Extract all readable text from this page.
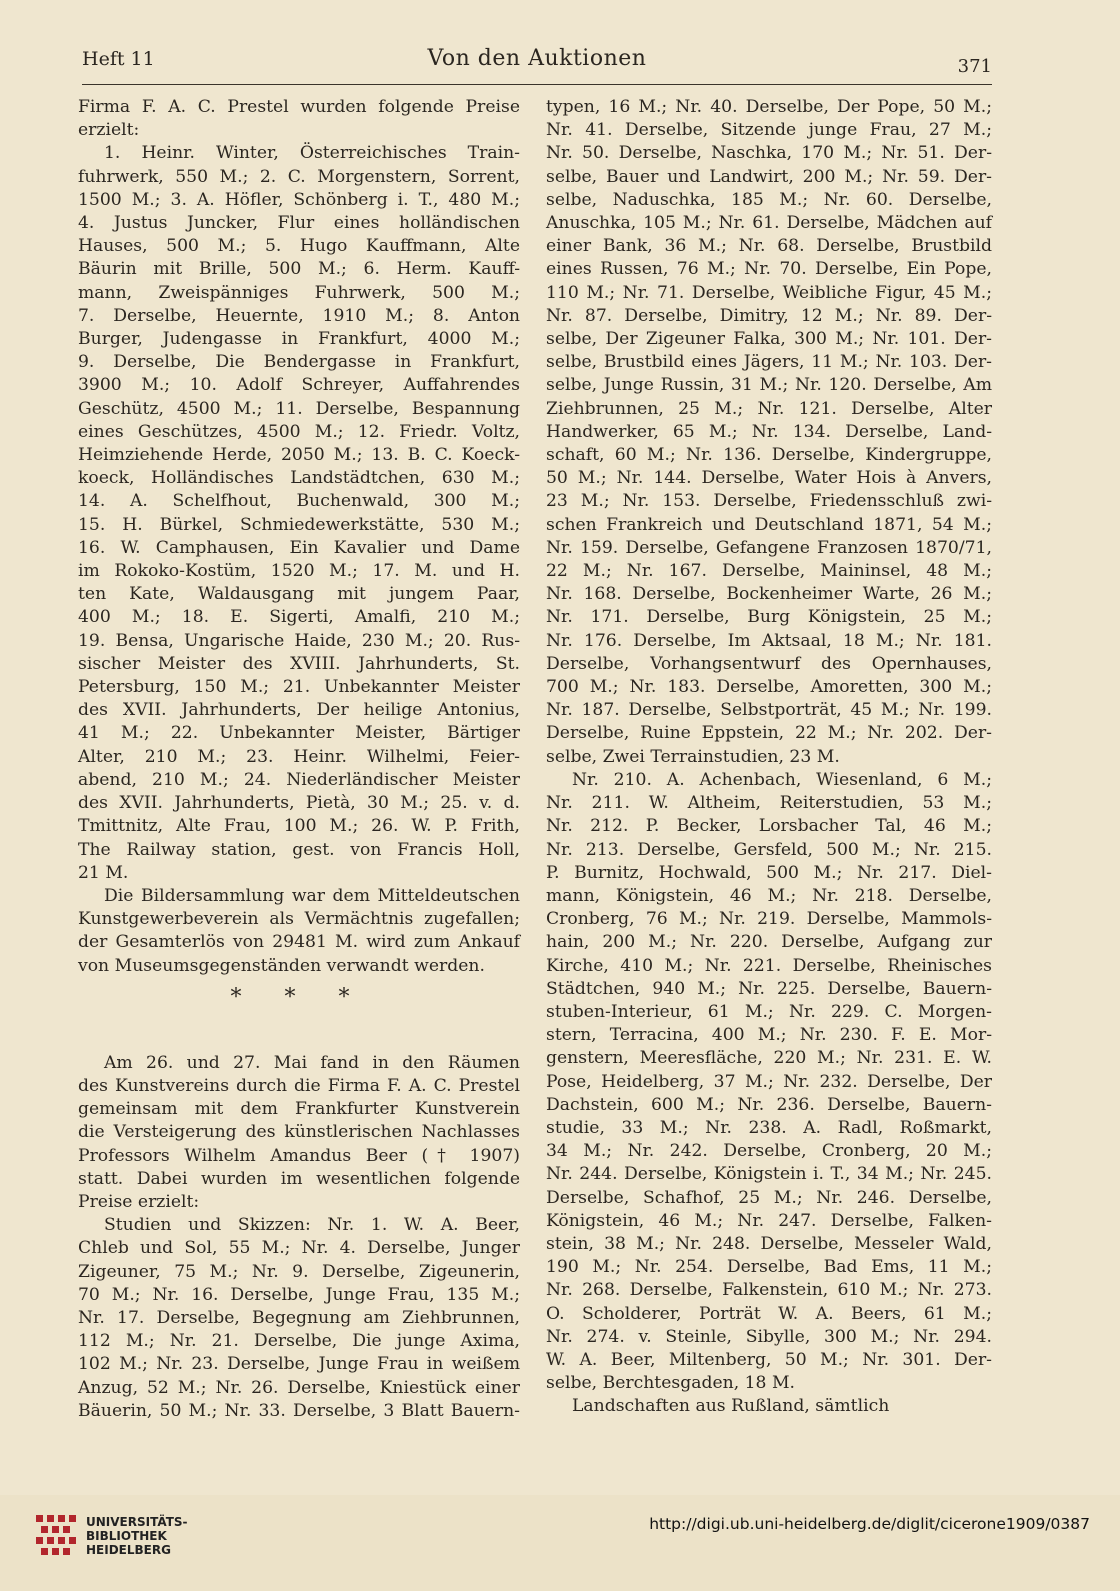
Heft 11	Von den Auktionen	371
Firma F. A. C. Prestel wurden folgende Preise
erzielt:
1. Heinr. Winter, Österreichisches Train-
fuhrwerk, 550 M.; 2. C. Morgenstern, Sorrent,
1500 M.; 3. A. Höfler, Schönberg i. T., 480 M.;
4. Justus Juncker, Flur eines holländischen
Hauses, 500 M.; 5. Hugo Kauffmann, Alte
Bäurin mit Brille, 500 M.; 6. Herm. Kauff-
mann, Zweispänniges Fuhrwerk, 500 M.;
7. Derselbe, Heuernte, 1910 M.; 8. Anton
Burger, Judengasse in Frankfurt, 4000 M.;
9. Derselbe, Die Bendergasse in Frankfurt,
3900 M.; 10. Adolf Schreyer, Auffahrendes
Geschütz, 4500 M.; 11. Derselbe, Bespannung
eines Geschützes, 4500 M.; 12. Friedr. Voltz,
Heimziehende Herde, 2050 M.; 13. B. C. Koeck-
koeck, Holländisches Landstädtchen, 630 M.;
14. A. Schelfhout, Buchenwald, 300 M.;
15. H. Bürkel, Schmiedewerkstätte, 530 M.;
16. W. Camphausen, Ein Kavalier und Dame
im Rokoko-Kostüm, 1520 M.; 17. M. und H.
ten Kate, Waldausgang mit jungem Paar,
400 M.; 18. E. Sigerti, Amalfi, 210 M.;
19. Bensa, Ungarische Haide, 230 M.; 20. Rus-
sischer Meister des XVIII. Jahrhunderts, St.
Petersburg, 150 M.; 21. Unbekannter Meister
des XVII. Jahrhunderts, Der heilige Antonius,
41 M.; 22. Unbekannter Meister, Bärtiger
Alter, 210 M.; 23. Heinr. Wilhelmi, Feier-
abend, 210 M.; 24. Niederländischer Meister
des XVII. Jahrhunderts, Pietà, 30 M.; 25. v. d.
Tmittnitz, Alte Frau, 100 M.; 26. W. P. Frith,
The Railway station, gest. von Francis Holl,
21 M.
Die Bildersammlung war dem Mitteldeutschen
Kunstgewerbeverein als Vermächtnis zugefallen;
der Gesamterlös von 29481 M. wird zum Ankauf
von Museumsgegenständen verwandt werden.
* * *
Am 26. und 27. Mai fand in den Räumen
des Kunstvereins durch die Firma F. A. C. Prestel
gemeinsam mit dem Frankfurter Kunstverein
die Versteigerung des künstlerischen Nachlasses
Professors Wilhelm Amandus Beer († 1907)
statt. Dabei wurden im wesentlichen folgende
Preise erzielt:
Studien und Skizzen: Nr. 1. W. A. Beer,
Chleb und Sol, 55 M.; Nr. 4. Derselbe, Junger
Zigeuner, 75 M.; Nr. 9. Derselbe, Zigeunerin,
70 M.; Nr. 16. Derselbe, Junge Frau, 135 M.;
Nr. 17. Derselbe, Begegnung am Ziehbrunnen,
112 M.; Nr. 21. Derselbe, Die junge Axima,
102 M.; Nr. 23. Derselbe, Junge Frau in weißem
Anzug, 52 M.; Nr. 26. Derselbe, Kniestück einer
Bäuerin, 50 M.; Nr. 33. Derselbe, 3 Blatt Bauern-
typen, 16 M.; Nr. 40. Derselbe, Der Pope, 50 M.;
Nr. 41. Derselbe, Sitzende junge Frau, 27 M.;
Nr. 50. Derselbe, Naschka, 170 M.; Nr. 51. Der-
selbe, Bauer und Landwirt, 200 M.; Nr. 59. Der-
selbe, Naduschka, 185 M.; Nr. 60. Derselbe,
Anuschka, 105 M.; Nr. 61. Derselbe, Mädchen auf
einer Bank, 36 M.; Nr. 68. Derselbe, Brustbild
eines Russen, 76 M.; Nr. 70. Derselbe, Ein Pope,
110 M.; Nr. 71. Derselbe, Weibliche Figur, 45 M.;
Nr. 87. Derselbe, Dimitry, 12 M.; Nr. 89. Der-
selbe, Der Zigeuner Falka, 300 M.; Nr. 101. Der-
selbe, Brustbild eines Jägers, 11 M.; Nr. 103. Der-
selbe, Junge Russin, 31 M.; Nr. 120. Derselbe, Am
Ziehbrunnen, 25 M.; Nr. 121. Derselbe, Alter
Handwerker, 65 M.; Nr. 134. Derselbe, Land-
schaft, 60 M.; Nr. 136. Derselbe, Kindergruppe,
50 M.; Nr. 144. Derselbe, Water Hois à Anvers,
23 M.; Nr. 153. Derselbe, Friedensschluß zwi-
schen Frankreich und Deutschland 1871, 54 M.;
Nr. 159. Derselbe, Gefangene Franzosen 1870/71,
22 M.; Nr. 167. Derselbe, Maininsel, 48 M.;
Nr. 168. Derselbe, Bockenheimer Warte, 26 M.;
Nr. 171. Derselbe, Burg Königstein, 25 M.;
Nr. 176. Derselbe, Im Aktsaal, 18 M.; Nr. 181.
Derselbe, Vorhangsentwurf des Opernhauses,
700 M.; Nr. 183. Derselbe, Amoretten, 300 M.;
Nr. 187. Derselbe, Selbstporträt, 45 M.; Nr. 199.
Derselbe, Ruine Eppstein, 22 M.; Nr. 202. Der-
selbe, Zwei Terrainstudien, 23 M.
Nr. 210. A. Achenbach, Wiesenland, 6 M.;
Nr. 211. W. Altheim, Reiterstudien, 53 M.;
Nr. 212. P. Becker, Lorsbacher Tal, 46 M.;
Nr. 213. Derselbe, Gersfeld, 500 M.; Nr. 215.
P. Burnitz, Hochwald, 500 M.; Nr. 217. Diel-
mann, Königstein, 46 M.; Nr. 218. Derselbe,
Cronberg, 76 M.; Nr. 219. Derselbe, Mammols-
hain, 200 M.; Nr. 220. Derselbe, Aufgang zur
Kirche, 410 M.; Nr. 221. Derselbe, Rheinisches
Städtchen, 940 M.; Nr. 225. Derselbe, Bauern-
stuben-Interieur, 61 M.; Nr. 229. C. Morgen-
stern, Terracina, 400 M.; Nr. 230. F. E. Mor-
genstern, Meeresfläche, 220 M.; Nr. 231. E. W.
Pose, Heidelberg, 37 M.; Nr. 232. Derselbe, Der
Dachstein, 600 M.; Nr. 236. Derselbe, Bauern-
studie, 33 M.; Nr. 238. A. Radl, Roßmarkt,
34 M.; Nr. 242. Derselbe, Cronberg, 20 M.;
Nr. 244. Derselbe, Königstein i. T., 34 M.; Nr. 245.
Derselbe, Schafhof, 25 M.; Nr. 246. Derselbe,
Königstein, 46 M.; Nr. 247. Derselbe, Falken-
stein, 38 M.; Nr. 248. Derselbe, Messeler Wald,
190 M.; Nr. 254. Derselbe, Bad Ems, 11 M.;
Nr. 268. Derselbe, Falkenstein, 610 M.; Nr. 273.
O. Scholderer, Porträt W. A. Beers, 61 M.;
Nr. 274. v. Steinle, Sibylle, 300 M.; Nr. 294.
W. A. Beer, Miltenberg, 50 M.; Nr. 301. Der-
selbe, Berchtesgaden, 18 M.
Landschaften aus Rußland, sämtlich
UNIVERSITÄTS-
BIBLIOTHEK
HEIDELBERG
http://digi.ub.uni-heidelberg.de/diglit/cicerone1909/0387
